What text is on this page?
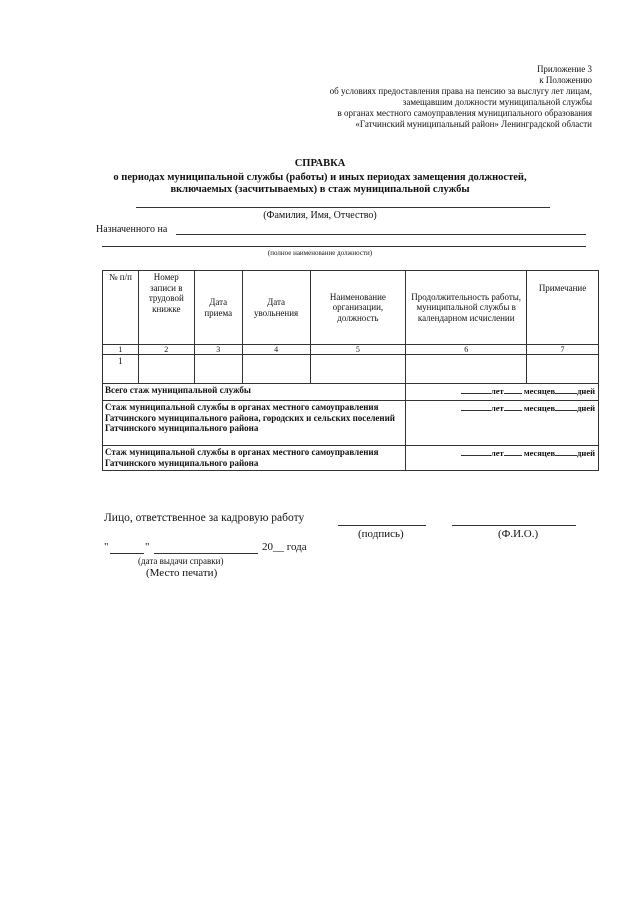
Приложение 3
к Положению
об условиях предоставления права на пенсию за выслугу лет лицам,
замещавшим должности муниципальной службы
в органах местного самоуправления муниципального образования
«Гатчинский муниципальный район» Ленинградской области
СПРАВКА
о периодах муниципальной службы (работы) и иных периодах замещения должностей,
включаемых (засчитываемых) в стаж муниципальной службы
(Фамилия, Имя, Отчество)
Назначенного на
(полное наименование должности)
№ п/п	Номер записи в трудовой книжке	Дата приема	Дата увольнения	Наименование организации, должность	Продолжительность работы, муниципальной службы в календарном исчислении	Примечание
1	2	3	4	5	6	7
1						
Всего стаж муниципальной службы					лет месяцев дней	
Стаж муниципальной службы в органах местного самоуправления Гатчинского муниципального района, городских и сельских поселений Гатчинского муниципального района					лет месяцев дней	
Стаж муниципальной службы в органах местного самоуправления Гатчинского муниципального района					лет месяцев дней	
Лицо, ответственное за кадровую работу
(подпись)	(Ф.И.О.)
"	"	20__ года
(дата выдачи справки)
(Место печати)
